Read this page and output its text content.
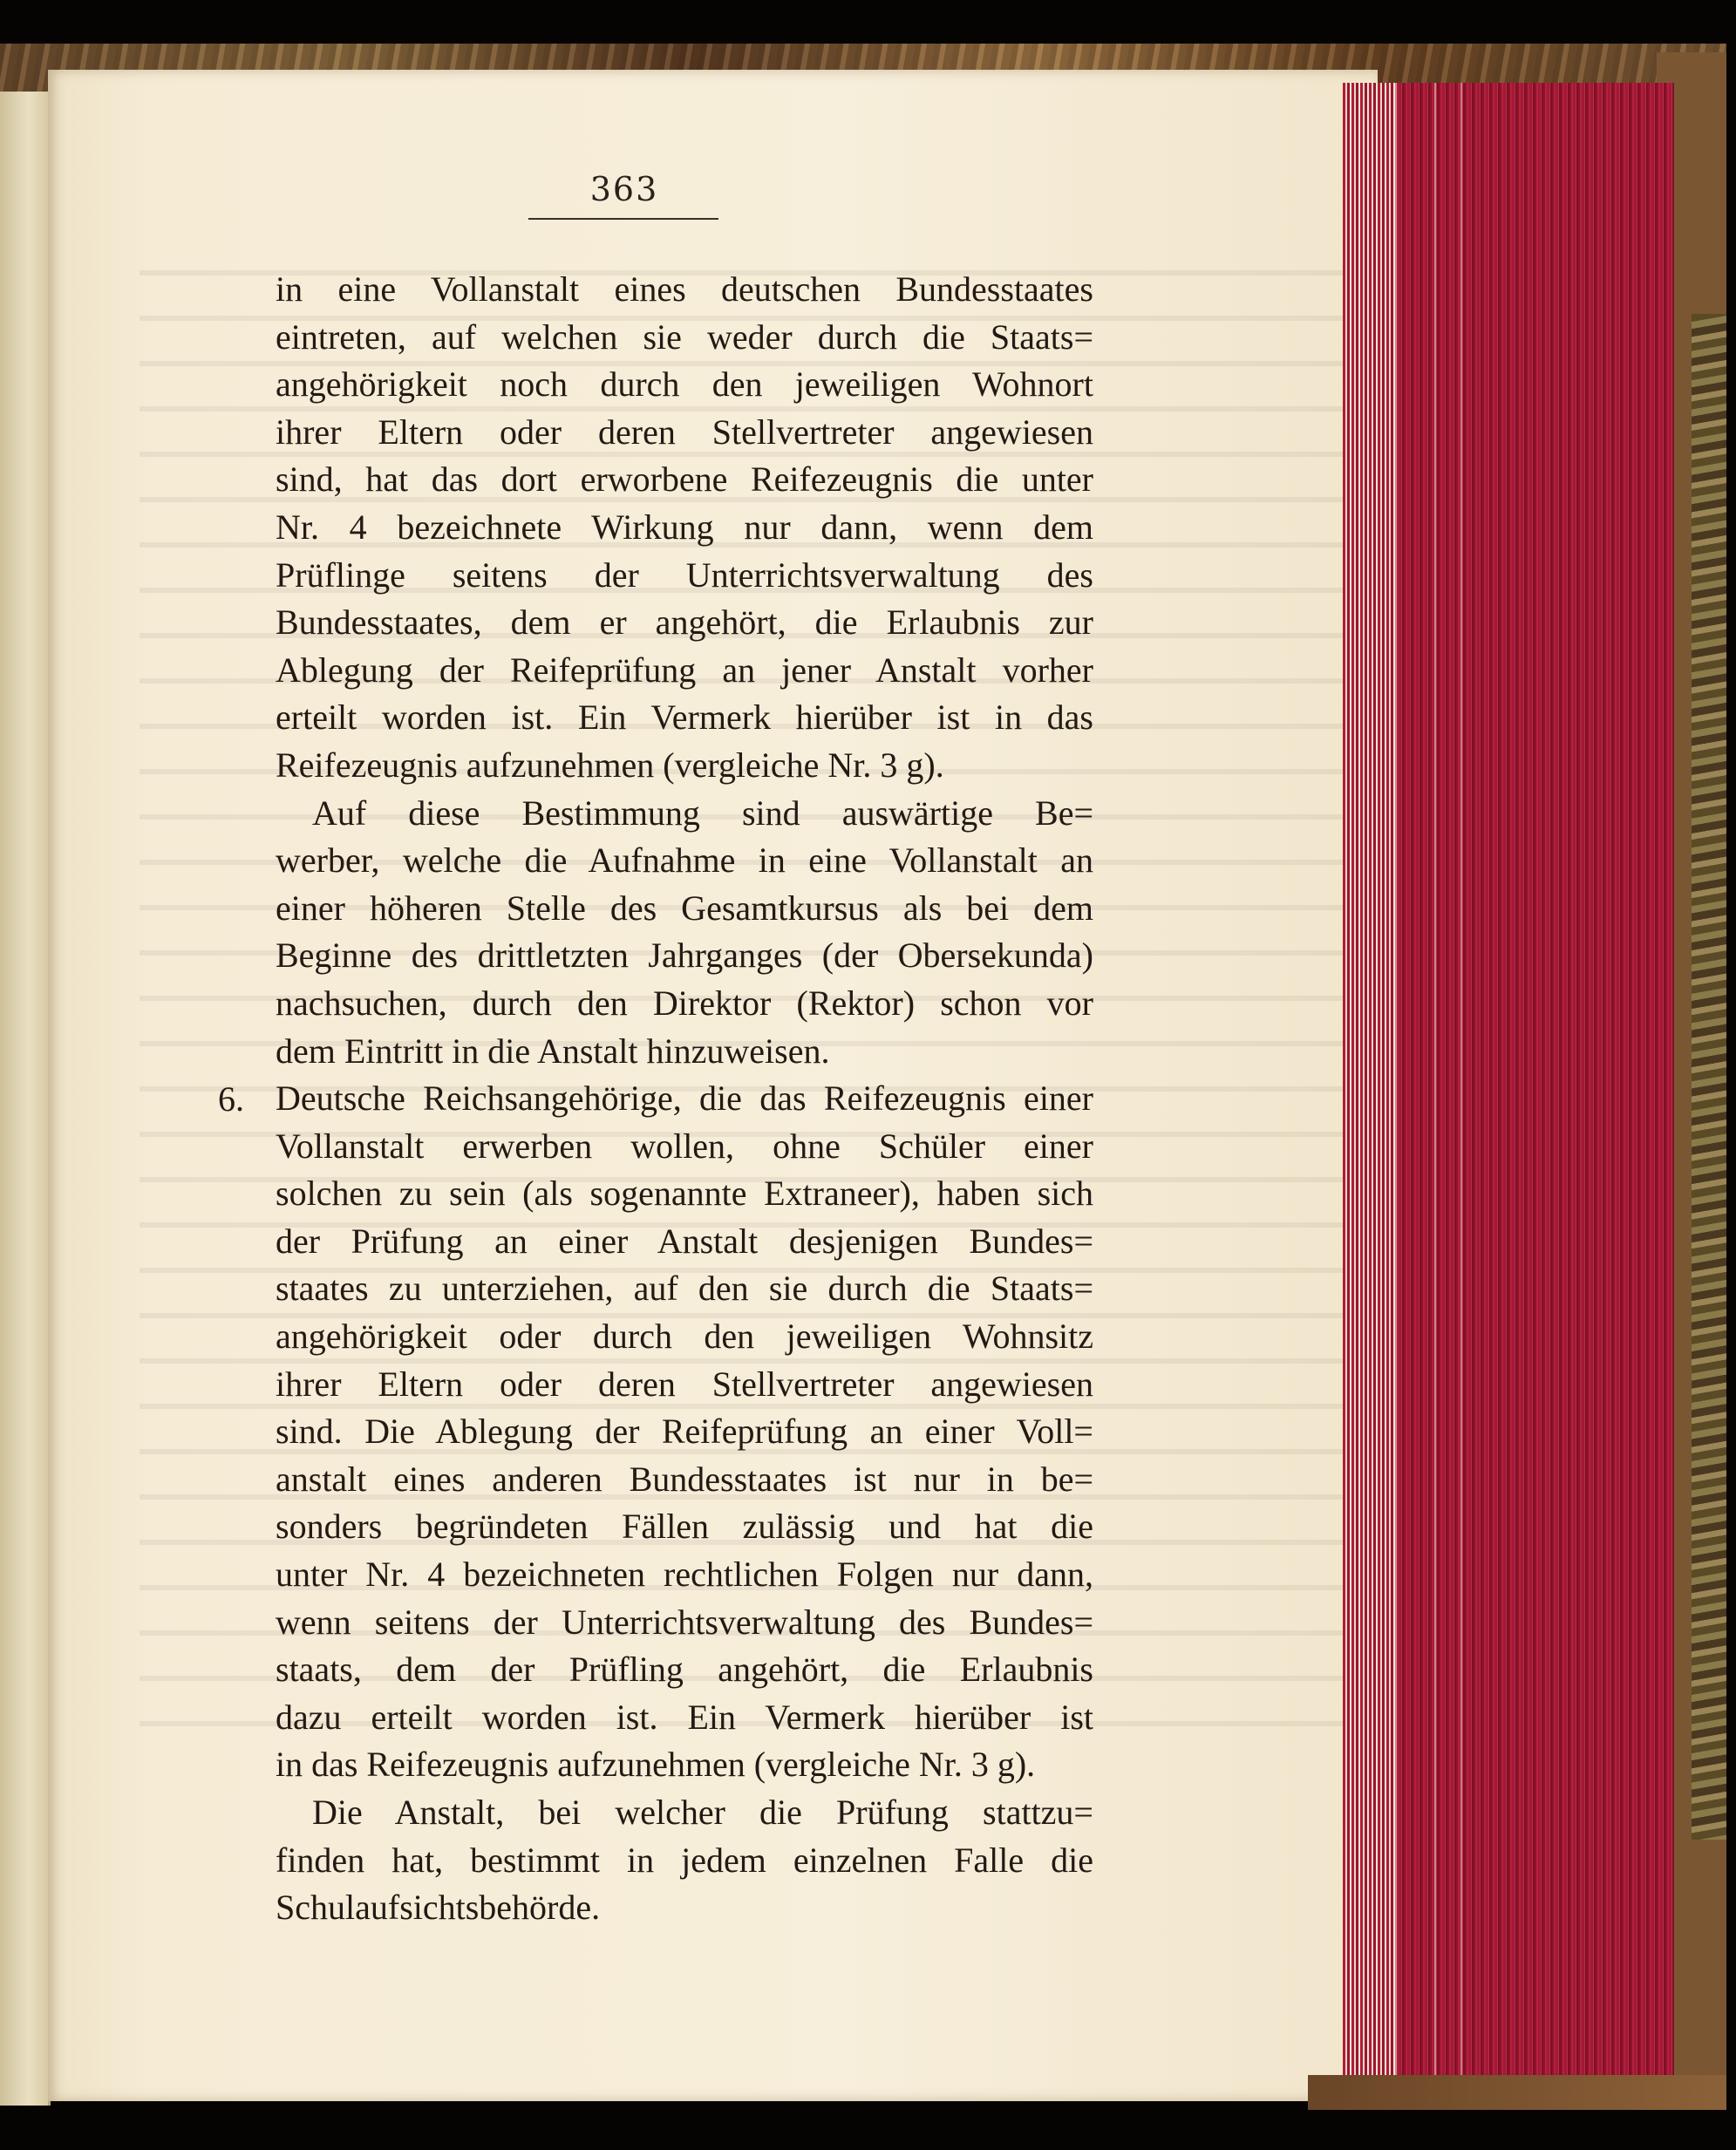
363
6.
in eine Vollanstalt eines deutschen Bundesstaates
eintreten, auf welchen sie weder durch die Staats=
angehörigkeit noch durch den jeweiligen Wohnort
ihrer Eltern oder deren Stellvertreter angewiesen
sind, hat das dort erworbene Reifezeugnis die unter
Nr. 4 bezeichnete Wirkung nur dann, wenn dem
Prüflinge seitens der Unterrichtsverwaltung des
Bundesstaates, dem er angehört, die Erlaubnis zur
Ablegung der Reifeprüfung an jener Anstalt vorher
erteilt worden ist. Ein Vermerk hierüber ist in das
Reifezeugnis aufzunehmen (vergleiche Nr. 3 g).
Auf diese Bestimmung sind auswärtige Be=
werber, welche die Aufnahme in eine Vollanstalt an
einer höheren Stelle des Gesamtkursus als bei dem
Beginne des drittletzten Jahrganges (der Obersekunda)
nachsuchen, durch den Direktor (Rektor) schon vor
dem Eintritt in die Anstalt hinzuweisen.
Deutsche Reichsangehörige, die das Reifezeugnis einer
Vollanstalt erwerben wollen, ohne Schüler einer
solchen zu sein (als sogenannte Extraneer), haben sich
der Prüfung an einer Anstalt desjenigen Bundes=
staates zu unterziehen, auf den sie durch die Staats=
angehörigkeit oder durch den jeweiligen Wohnsitz
ihrer Eltern oder deren Stellvertreter angewiesen
sind. Die Ablegung der Reifeprüfung an einer Voll=
anstalt eines anderen Bundesstaates ist nur in be=
sonders begründeten Fällen zulässig und hat die
unter Nr. 4 bezeichneten rechtlichen Folgen nur dann,
wenn seitens der Unterrichtsverwaltung des Bundes=
staats, dem der Prüfling angehört, die Erlaubnis
dazu erteilt worden ist. Ein Vermerk hierüber ist
in das Reifezeugnis aufzunehmen (vergleiche Nr. 3 g).
Die Anstalt, bei welcher die Prüfung stattzu=
finden hat, bestimmt in jedem einzelnen Falle die
Schulaufsichtsbehörde.
